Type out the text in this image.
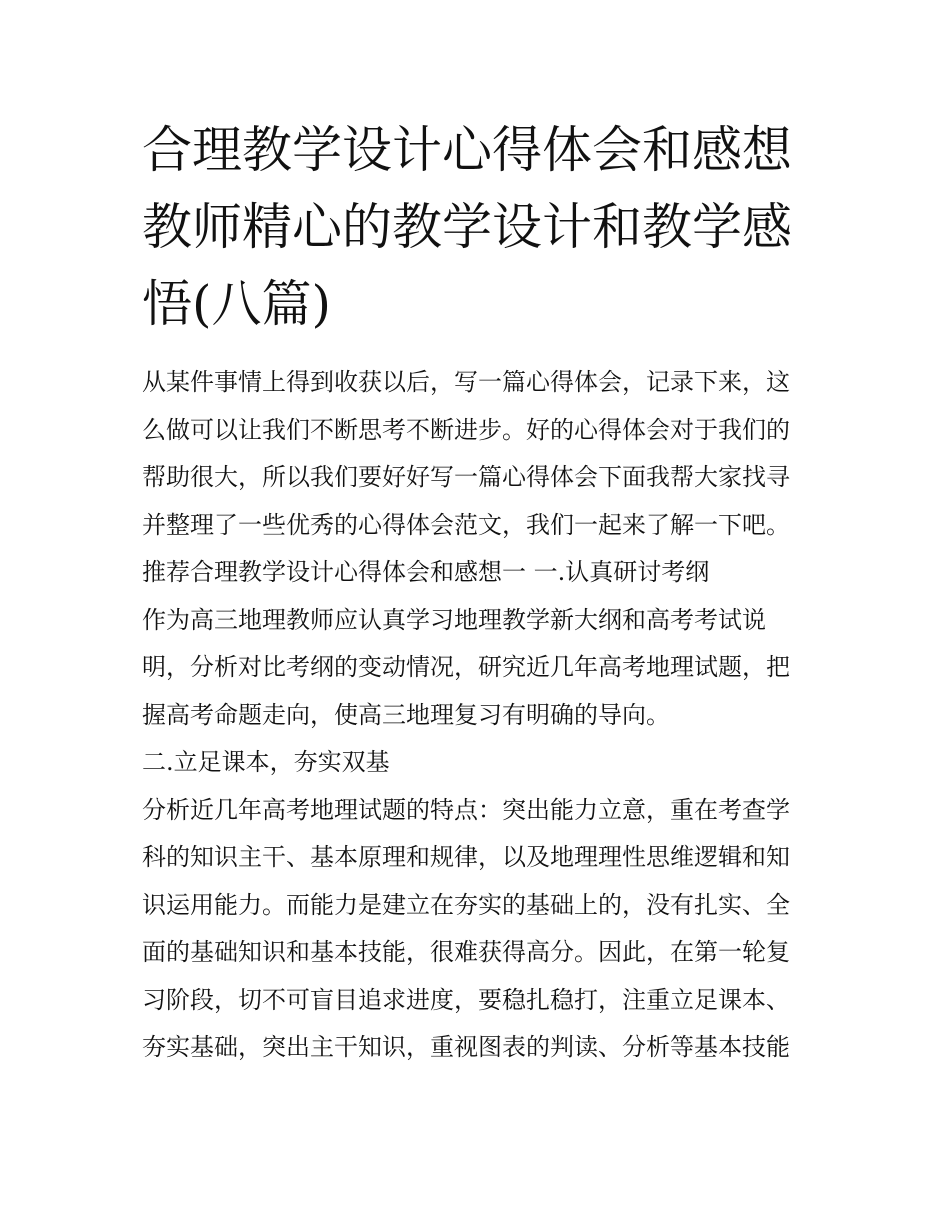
合理教学设计心得体会和感想
教师精心的教学设计和教学感
悟(八篇)
从某件事情上得到收获以后，写一篇心得体会，记录下来，这
么做可以让我们不断思考不断进步。好的心得体会对于我们的
帮助很大，所以我们要好好写一篇心得体会下面我帮大家找寻
并整理了一些优秀的心得体会范文，我们一起来了解一下吧。
推荐合理教学设计心得体会和感想一 一.认真研讨考纲
作为高三地理教师应认真学习地理教学新大纲和高考考试说
明，分析对比考纲的变动情况，研究近几年高考地理试题，把
握高考命题走向，使高三地理复习有明确的导向。
二.立足课本，夯实双基
分析近几年高考地理试题的特点：突出能力立意，重在考查学
科的知识主干、基本原理和规律，以及地理理性思维逻辑和知
识运用能力。而能力是建立在夯实的基础上的，没有扎实、全
面的基础知识和基本技能，很难获得高分。因此，在第一轮复
习阶段，切不可盲目追求进度，要稳扎稳打，注重立足课本、
夯实基础，突出主干知识，重视图表的判读、分析等基本技能
